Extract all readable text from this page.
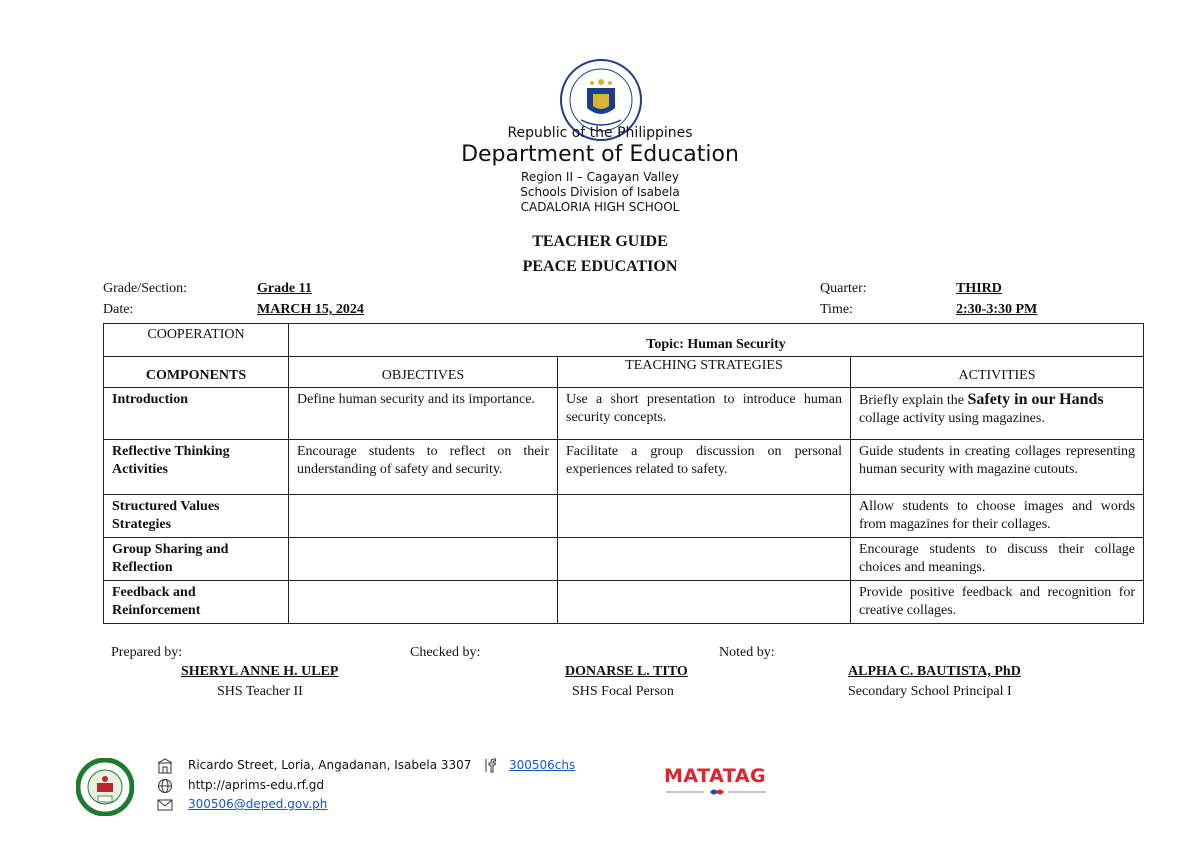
Republic of the Philippines
Department of Education
Region II – Cagayan Valley
Schools Division of Isabela
CADALORIA HIGH SCHOOL
TEACHER GUIDE
PEACE EDUCATION
Grade/Section:	Grade 11
Date:	MARCH 15, 2024
Quarter:	THIRD
Time:	2:30-3:30 PM
COOPERATION	Topic: Human Security		
COMPONENTS	OBJECTIVES	TEACHING STRATEGIES	ACTIVITIES
Introduction	Define human security and its importance.	Use a short presentation to introduce human security concepts.	Briefly explain the Safety in our Hands collage activity using magazines.
Reflective Thinking Activities	Encourage students to reflect on their understanding of safety and security.	Facilitate a group discussion on personal experiences related to safety.	Guide students in creating collages representing human security with magazine cutouts.
Structured Values Strategies			Allow students to choose images and words from magazines for their collages.
Group Sharing and Reflection			Encourage students to discuss their collage choices and meanings.
Feedback and Reinforcement			Provide positive feedback and recognition for creative collages.
Prepared by:
SHERYL ANNE H. ULEP
SHS Teacher II
Checked by:
DONARSE L. TITO
SHS Focal Person
Noted by:
ALPHA C. BAUTISTA, PhD
Secondary School Principal I
Ricardo Street, Loria, Angadanan, Isabela 3307
http://aprims-edu.rf.gd
300506@deped.gov.ph
300506chs	MATATAG
